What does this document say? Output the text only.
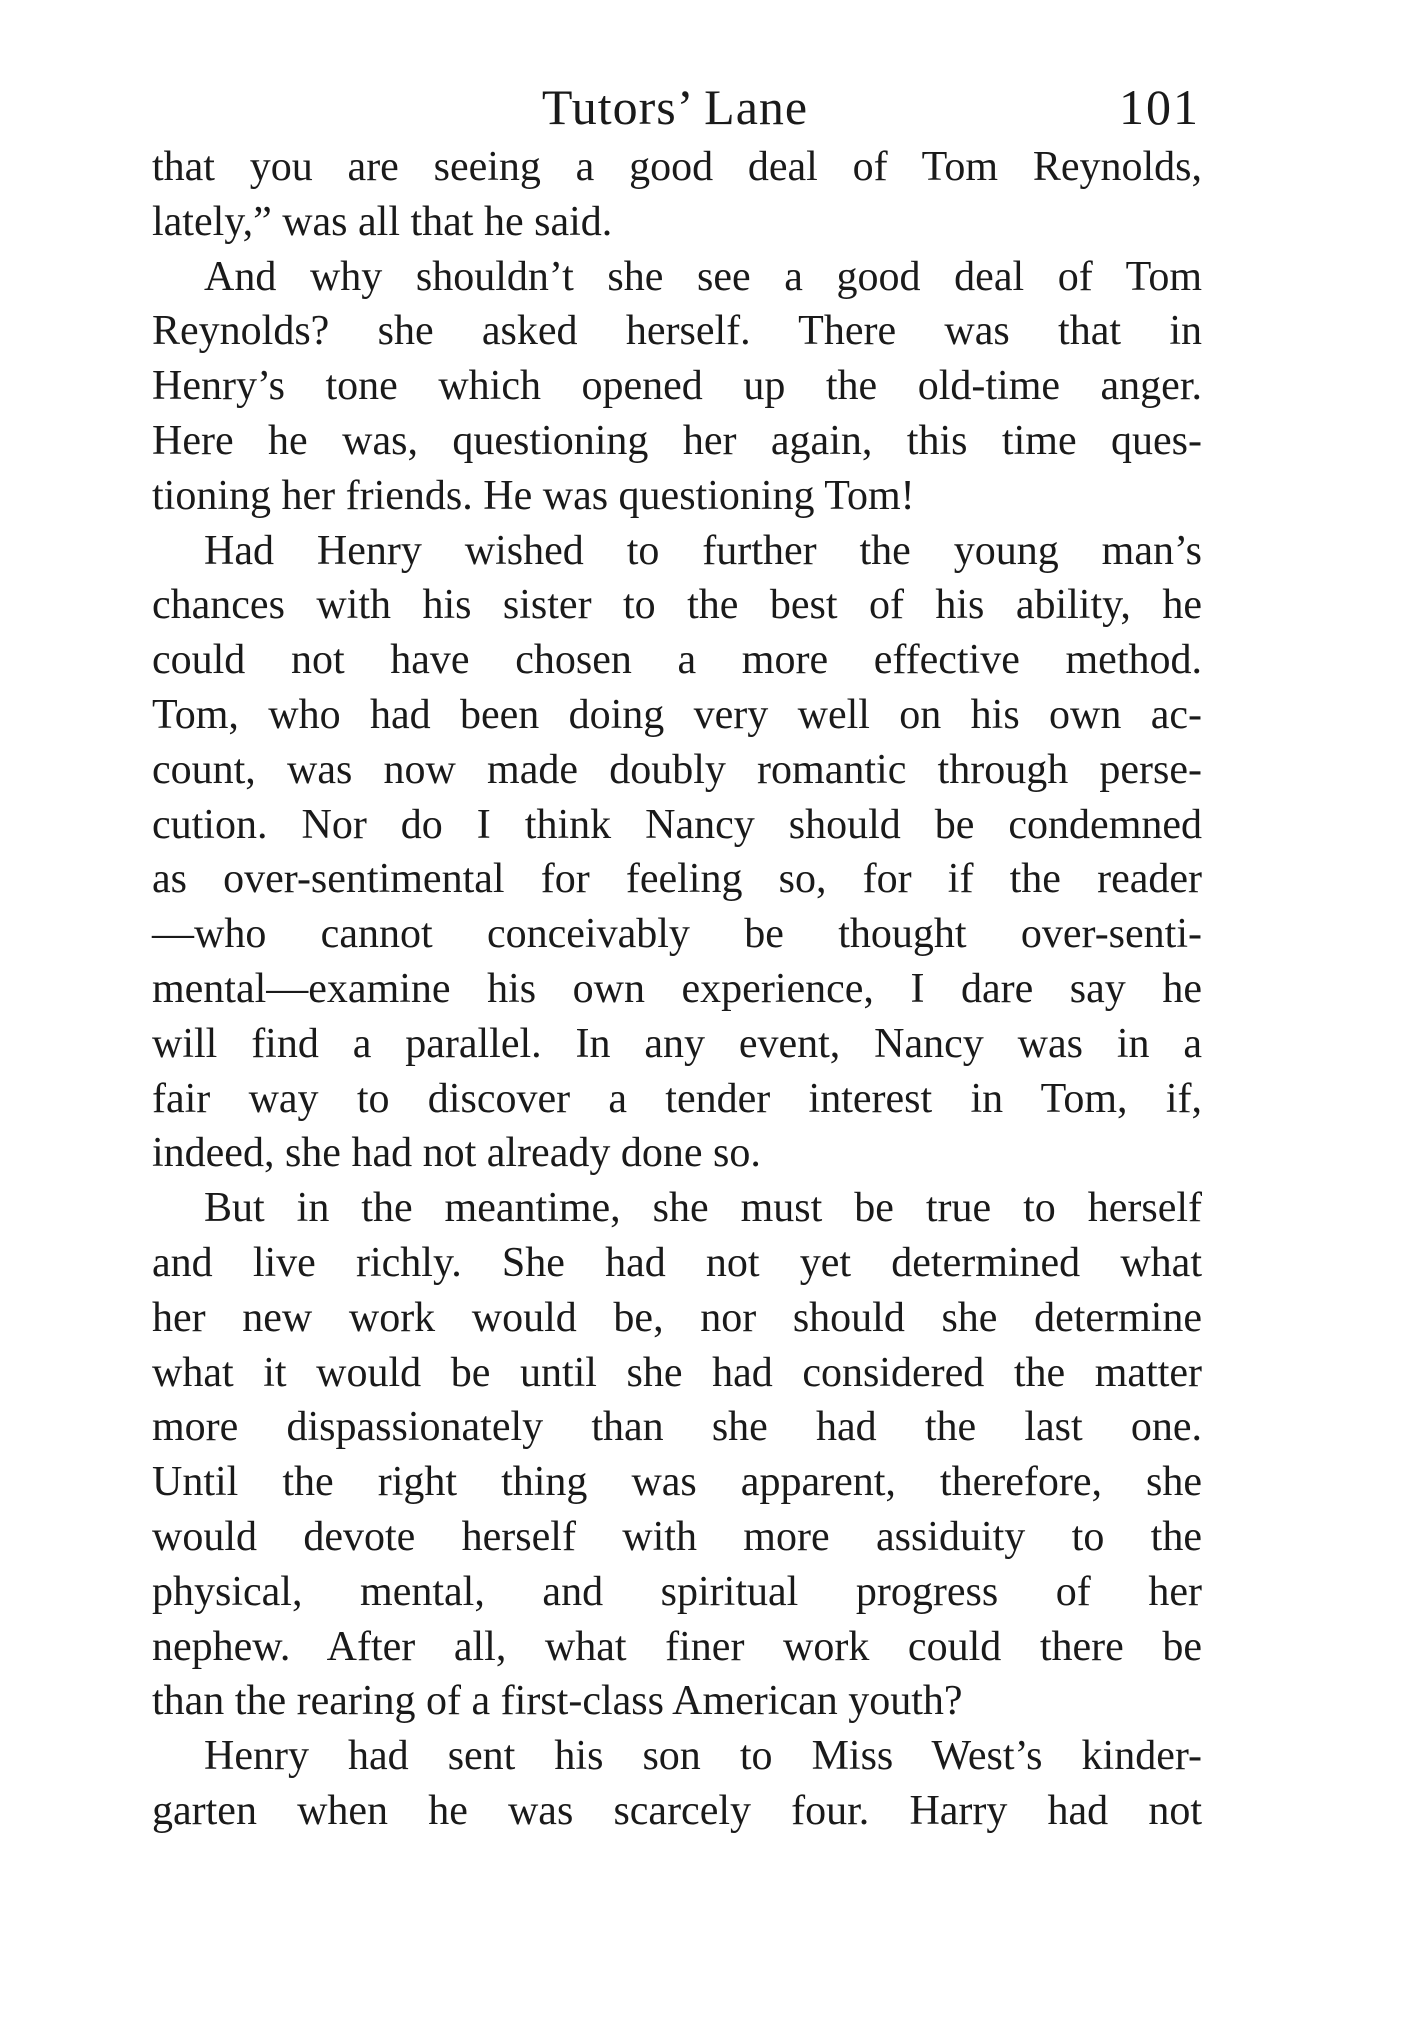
Tutors’ Lane	101

that you are seeing a good deal of Tom Reynolds,
lately,” was all that he said.

And why shouldn’t she see a good deal of Tom
Reynolds? she asked herself. There was that in
Henry’s tone which opened up the old-time anger.
Here he was, questioning her again, this time ques-
tioning her friends. He was questioning Tom!

Had Henry wished to further the young man’s
chances with his sister to the best of his ability, he
could not have chosen a more effective method.
Tom, who had been doing very well on his own ac-
count, was now made doubly romantic through perse-
cution. Nor do I think Nancy should be condemned
as over-sentimental for feeling so, for if the reader
—who cannot conceivably be thought over-senti-
mental—examine his own experience, I dare say he
will find a parallel. In any event, Nancy was in a
fair way to discover a tender interest in Tom, if,
indeed, she had not already done so.

But in the meantime, she must be true to herself
and live richly. She had not yet determined what
her new work would be, nor should she determine
what it would be until she had considered the matter
more dispassionately than she had the last one.
Until the right thing was apparent, therefore, she
would devote herself with more assiduity to the
physical, mental, and spiritual progress of her
nephew. After all, what finer work could there be
than the rearing of a first-class American youth?

Henry had sent his son to Miss West’s kinder-
garten when he was scarcely four. Harry had not
